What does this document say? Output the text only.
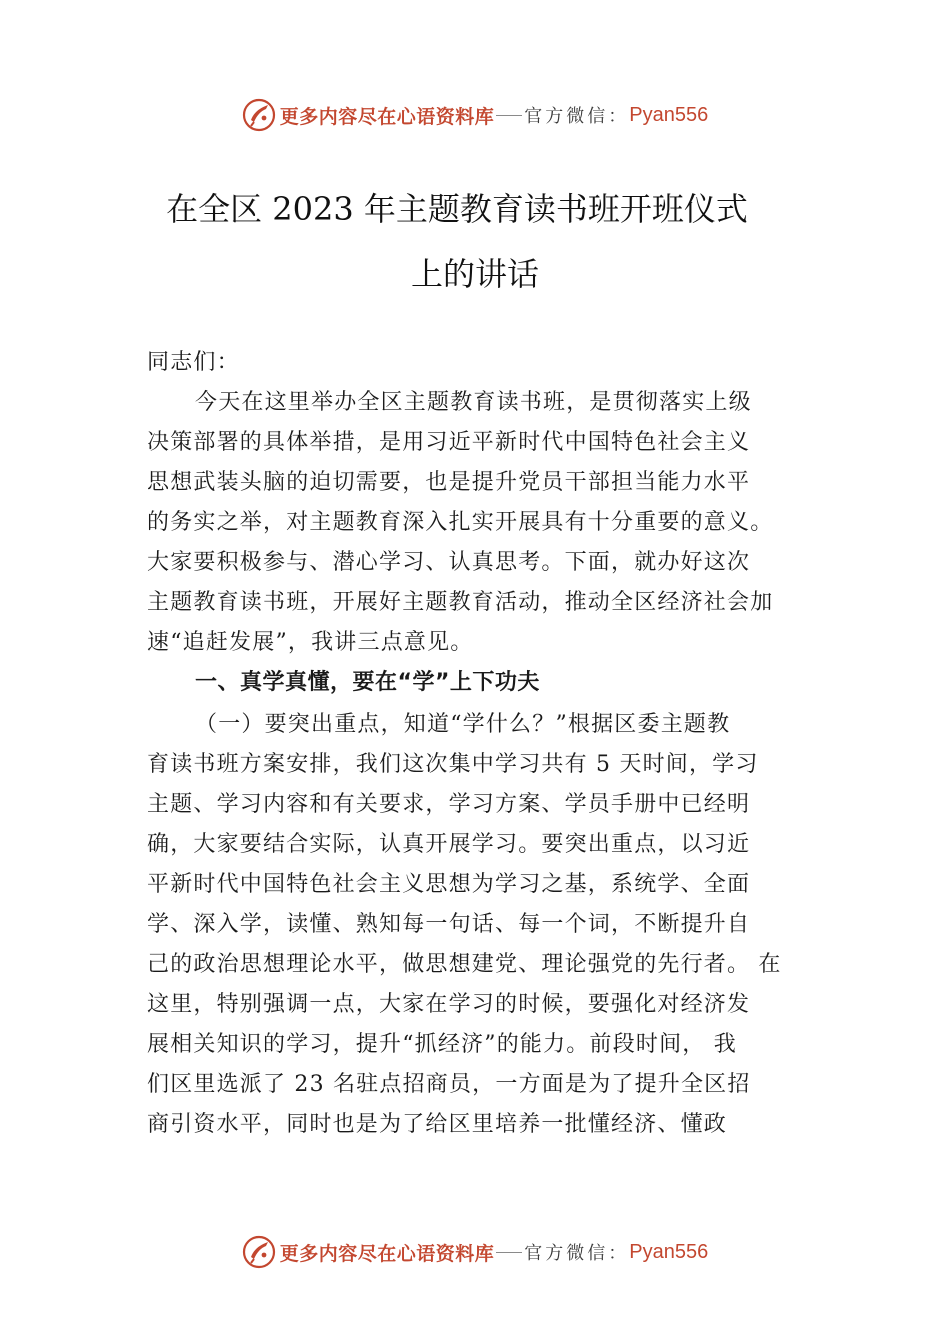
更多内容尽在心语资料库 官方微信： Pyan556
在全区 2023 年主题教育读书班开班仪式
上的讲话
同志们：
今天在这里举办全区主题教育读书班，是贯彻落实上级
决策部署的具体举措，是用习近平新时代中国特色社会主义
思想武装头脑的迫切需要，也是提升党员干部担当能力水平
的务实之举，对主题教育深入扎实开展具有十分重要的意义。
大家要积极参与、潜心学习、认真思考。下面，就办好这次
主题教育读书班，开展好主题教育活动，推动全区经济社会加
速“追赶发展”，我讲三点意见。
一、真学真懂，要在“学”上下功夫
（一）要突出重点，知道“学什么？”根据区委主题教
育读书班方案安排，我们这次集中学习共有 5 天时间，学习
主题、学习内容和有关要求，学习方案、学员手册中已经明
确，大家要结合实际，认真开展学习。要突出重点，以习近
平新时代中国特色社会主义思想为学习之基，系统学、全面
学、深入学，读懂、熟知每一句话、每一个词，不断提升自
己的政治思想理论水平，做思想建党、理论强党的先行者。 在
这里，特别强调一点，大家在学习的时候，要强化对经济发
展相关知识的学习，提升“抓经济”的能力。前段时间， 我
们区里选派了 23 名驻点招商员，一方面是为了提升全区招
商引资水平，同时也是为了给区里培养一批懂经济、懂政
更多内容尽在心语资料库 官方微信： Pyan556
